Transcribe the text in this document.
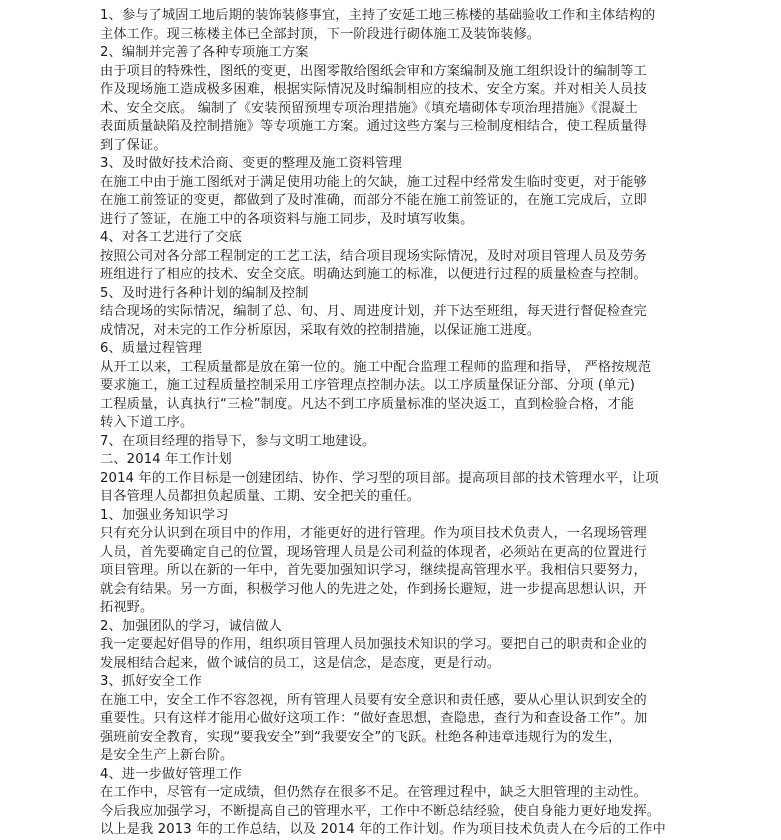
1、参与了城固工地后期的装饰装修事宜，主持了安延工地三栋楼的基础验收工作和主体结构的
主体工作。现三栋楼主体已全部封顶，下一阶段进行砌体施工及装饰装修。
2、编制并完善了各种专项施工方案
由于项目的特殊性，图纸的变更，出图零散给图纸会审和方案编制及施工组织设计的编制等工
作及现场施工造成极多困难，根据实际情况及时编制相应的技术、安全方案。并对相关人员技
术、安全交底。 编制了《安装预留预埋专项治理措施》《填充墙砌体专项治理措施》《混凝土
表面质量缺陷及控制措施》等专项施工方案。通过这些方案与三检制度相结合，使工程质量得
到了保证。
3、及时做好技术洽商、变更的整理及施工资料管理
在施工中由于施工图纸对于满足使用功能上的欠缺，施工过程中经常发生临时变更，对于能够
在施工前签证的变更，都做到了及时准确，而部分不能在施工前签证的，在施工完成后，立即
进行了签证，在施工中的各项资料与施工同步，及时填写收集。
4、对各工艺进行了交底
按照公司对各分部工程制定的工艺工法，结合项目现场实际情况，及时对项目管理人员及劳务
班组进行了相应的技术、安全交底。明确达到施工的标准，以便进行过程的质量检查与控制。
5、及时进行各种计划的编制及控制
结合现场的实际情况，编制了总、旬、月、周进度计划，并下达至班组，每天进行督促检查完
成情况，对未完的工作分析原因，采取有效的控制措施，以保证施工进度。
6、质量过程管理
从开工以来，工程质量都是放在第一位的。施工中配合监理工程师的监理和指导， 严格按规范
要求施工，施工过程质量控制采用工序管理点控制办法。以工序质量保证分部、分项 (单元)
工程质量，认真执行“三检”制度。凡达不到工序质量标准的坚决返工，直到检验合格，才能
转入下道工序。
7、在项目经理的指导下，参与文明工地建设。
二、2014 年工作计划
2014 年的工作目标是一创建团结、协作、学习型的项目部。提高项目部的技术管理水平，让项
目各管理人员都担负起质量、工期、安全把关的重任。
1、加强业务知识学习
只有充分认识到在项目中的作用，才能更好的进行管理。作为项目技术负责人，一名现场管理
人员，首先要确定自己的位置，现场管理人员是公司利益的体现者，必须站在更高的位置进行
项目管理。所以在新的一年中，首先要加强知识学习，继续提高管理水平。我相信只要努力，
就会有结果。另一方面，积极学习他人的先进之处，作到扬长避短，进一步提高思想认识，开
拓视野。
2、加强团队的学习，诚信做人
我一定要起好倡导的作用，组织项目管理人员加强技术知识的学习。要把自己的职责和企业的
发展相结合起来，做个诚信的员工，这是信念，是态度，更是行动。
3、抓好安全工作
在施工中，安全工作不容忽视，所有管理人员要有安全意识和责任感，要从心里认识到安全的
重要性。只有这样才能用心做好这项工作：“做好查思想，查隐患，查行为和查设备工作”。加
强班前安全教育，实现“要我安全”到“我要安全”的飞跃。杜绝各种违章违规行为的发生，
是安全生产上新台阶。
4、进一步做好管理工作
在工作中，尽管有一定成绩，但仍然存在很多不足。在管理过程中，缺乏大胆管理的主动性。
今后我应加强学习，不断提高自己的管理水平，工作中不断总结经验，使自身能力更好地发挥。
以上是我 2013 年的工作总结，以及 2014 年的工作计划。作为项目技术负责人在今后的工作中
